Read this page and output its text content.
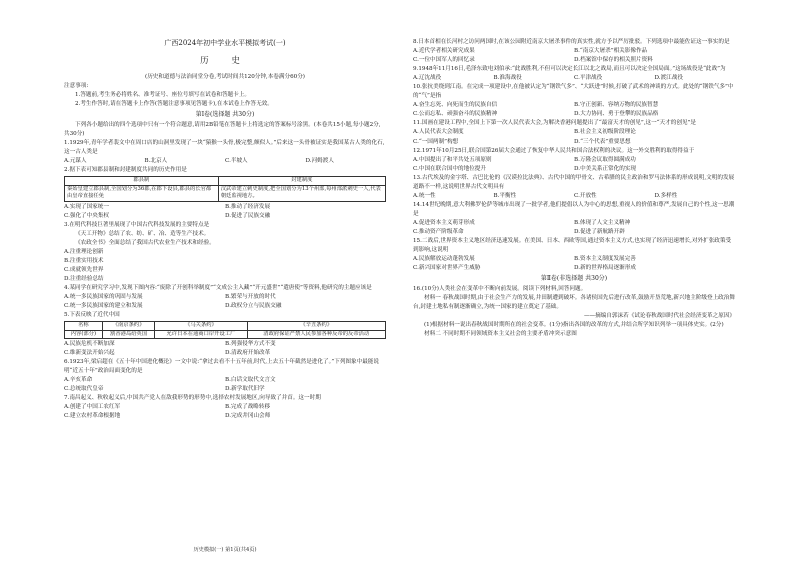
广西2024年初中学业水平模拟考试(一)

历 史

(历史和道德与法治同堂分卷,考试时间共120分钟,本卷满分60分)

注意事项:

1.答题前,考生务必将姓名、准考证号、座位号填写在试卷和答题卡上。

2.考生作答时,请在答题卡上作答(答题注意事项见答题卡),在本试卷上作答无效。

第Ⅰ卷(选择题 共30分)

下列各小题给出的四个选项中只有一个符合题意,请用2B铅笔在答题卡上将选定的答案标号涂黑。(本卷共15小题,每小题2分,共30分)

1.1929年,青年学者裴文中在周口店的山洞里发现了一块“猿猴一头骨,极完整,颇似人。”后来这一头骨被证实是我国某古人类的化石,这一古人类是

A.元谋人	B.北京人	C.半坡人	D.河姆渡人

2.据下表可知郡县制和封建制度共同的历史作用是

郡县制	封建制度
秦始皇建立郡县制,全国划分为36郡,在郡下设县,郡县的长官都由皇帝直接任免	汉武帝建立刺史制度,把全国划分为13个州部,每州部派刺史一人,代表朝廷监视地方。
A.实现了国家统一	B.推动了经济发展
C.强化了中央集权	D.促进了民族交融

3.在明代科技巨著里展现了中国古代科技发展的主要特点是

《天工开物》总结了农、纺、矿、冶、造等生产技术。

《农政全书》全面总结了我国古代农业生产技术和经验。

A.注重理论创新
B.注重实用技术
C.成就领先世界
D.注重经验总结

4.某同学在研究学习中,发现下图内容:“废除了开创科举制度”“文成公主入藏”“开元盛世”“遣唐使”等资料,他研究的主题应该是

A.统一多民族国家的巩固与发展	B.繁荣与开放的时代
C.统一多民族国家的建立和发展	D.政权分立与民族交融

5.下表反映了近代中国

名称	《南京条约》	《马关条约》	《辛丑条约》
内容(部分)	割香港岛给英国	允许日本在通商口岸开设工厂	清政府保证严禁人民参加各种反帝的反帝活动
A.民族危机不断加深	B.列强侵华方式不变
C.维新变法开始兴起	D.清政府开始改革

6.1923年,梁启超在《五十年中国进化概论》一文中说:“拿过去看不十五年前,时代,上去五十年截然是进化了。”下列图象中最能说明“近五十年”政治局面变化的是

A.辛亥革命	B.白话文取代文言文
C.总统取代皇帝	D.新学取代旧学

7.南昌起义、秋收起义后,中国共产党人在敌我形势的形势中,选择农村发展地区,向导致了并首。这一时期

A.创建了中国工农红军	B.完成了战略转移
C.建立农村革命根据地	D.完成井冈山会师

8.日本首相在长河村之访问两国时,在该公园附近南京大屠杀事件的真实性,就方予以严厉批驳。下列选项中最能佐证这一事实的是

A.近代学者相关研究成果	B.“南京大屠杀”相关影像作品
C.一位中国军人的回忆录	D.档案馆中保存的相关照片资料

9.1948年11月16日,毛泽东致电刘伯承:“此战胜利,不但可以决定长江以北之战局,而且可以决定全国局面。”这场战役是“此战”为

A.辽沈战役	B.淮海战役	C.平津战役	D.渡江战役

10.张抗美绕到江南。在完成一项建设中,在他被认定为“钢铁气多”、“大跃进”时候,打破了武术的神谈的方式。此处的“钢铁气多”中的“气”是指

A.奋生忘死、向死而生的民族自信	B.守正创新、容纳万物的民族智慧
C.公而忘私、顽强奋斗的民族精神	D.大力协同、勇于登攀的民族品格

11.国画在建设工程中,全国上下第一次人民代表大会,为解决香港问题提出了“最富天才的创见”,这一“天才的创见”是

A.人民代表大会制度	B.社会主义初级阶段理论
C.“一国两制”构想	D.“三个代表”重要思想

12.1971年10月25日,联合国第26届大会通过了恢复中华人民共和国合法权利的决议。这一外交胜利的取得得益于

A.中国提出了和平共处五项原则	B.万隆会议取得圆满成功
C.中国在联合国中的地位提升	D.中美关系正常化的实现

13.古代埃及的金字塔、古巴比伦的《汉谟拉比法典》、古代中国的甲骨文、古希腊的民主政治和罗马法体系的形成说明,文明的发展道路不一样,这说明世界古代文明具有

A.统一性	B.平衡性	C.开放性	D.多样性

14.14世纪晚期,意大利佛罗伦萨等城市出现了一批学者,他们提倡以人为中心的思想,重视人的价值和尊严,发展自己的个性,这一思潮是

A.促进资本主义萌芽形成	B.体现了人文主义精神
C.推动资产阶级革命	D.促进了新航路开辟

15.二战后,世界资本主义地区经济迅速发展。在美国、日本、西欧等国,通过资本主义方式,也实现了经济迅速增长,对外扩张政策受到影响,这说明

A.民族解放运动蓬勃发展	B.资本主义制度发展完善
C.新兴国家对世界产生威胁	D.新的世界格局逐渐形成

第Ⅱ卷(非选择题 共30分)

16.(10分)人类社会在变革中不断向前发展。阅读下列材料,回答问题。

材料一 春秋战国时期,由于社会生产力的发展,井田制遭到破坏。各诸侯国先后进行改革,鼓励开垦荒地,新兴地主阶级登上政治舞台,封建土地私有制逐渐确立,为统一国家的建立奠定了基础。

——摘编自郭沫若《试论春秋战国时代社会经济变革之原因》

(1)根据材料一说出春秋战国时期所在的社会变革。(1分)指出各国的改革的方式,并结合所学知识列举一项具体史实。(2分)

材料二 不同时期不同领域资本主义社会的主要矛盾冲突示意图

历史模拟(一) 第1页(共4页)
